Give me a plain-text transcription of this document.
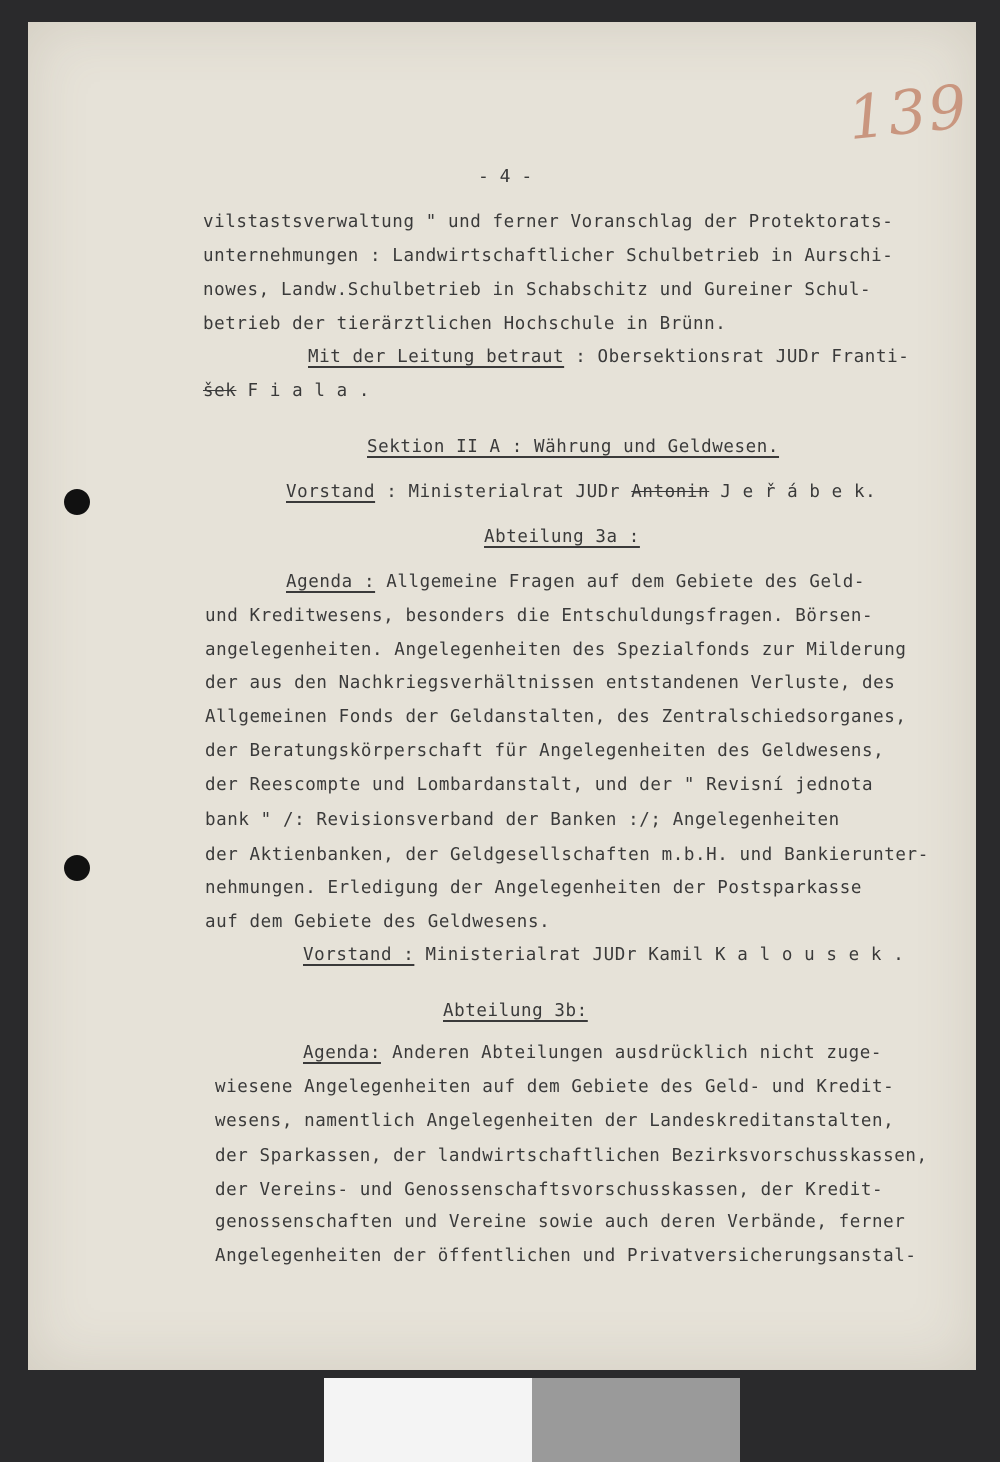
139
- 4 -
vilstastsverwaltung " und ferner Voranschlag der Protektorats-
unternehmungen : Landwirtschaftlicher Schulbetrieb in Aurschi-
nowes, Landw.Schulbetrieb in Schabschitz und Gureiner Schul-
betrieb der tierärztlichen Hochschule in Brünn.
Mit der Leitung betraut : Obersektionsrat JUDr Franti-
šek F i a l a .
Sektion II A : Währung und Geldwesen.
Vorstand : Ministerialrat JUDr Antonin J e ř á b e k.
Abteilung 3a :
Agenda : Allgemeine Fragen auf dem Gebiete des Geld-
und Kreditwesens, besonders die Entschuldungsfragen. Börsen-
angelegenheiten. Angelegenheiten des Spezialfonds zur Milderung
der aus den Nachkriegsverhältnissen entstandenen Verluste, des
Allgemeinen Fonds der Geldanstalten, des Zentralschiedsorganes,
der Beratungskörperschaft für Angelegenheiten des Geldwesens,
der Reescompte und Lombardanstalt, und der " Revisní jednota
bank " /: Revisionsverband der Banken :/; Angelegenheiten
der Aktienbanken, der Geldgesellschaften m.b.H. und Bankierunter-
nehmungen. Erledigung der Angelegenheiten der Postsparkasse
auf dem Gebiete des Geldwesens.
Vorstand : Ministerialrat JUDr Kamil K a l o u s e k .
Abteilung 3b:
Agenda: Anderen Abteilungen ausdrücklich nicht zuge-
wiesene Angelegenheiten auf dem Gebiete des Geld- und Kredit-
wesens, namentlich Angelegenheiten der Landeskreditanstalten,
der Sparkassen, der landwirtschaftlichen Bezirksvorschusskassen,
der Vereins- und Genossenschaftsvorschusskassen, der Kredit-
genossenschaften und Vereine sowie auch deren Verbände, ferner
Angelegenheiten der öffentlichen und Privatversicherungsanstal-
